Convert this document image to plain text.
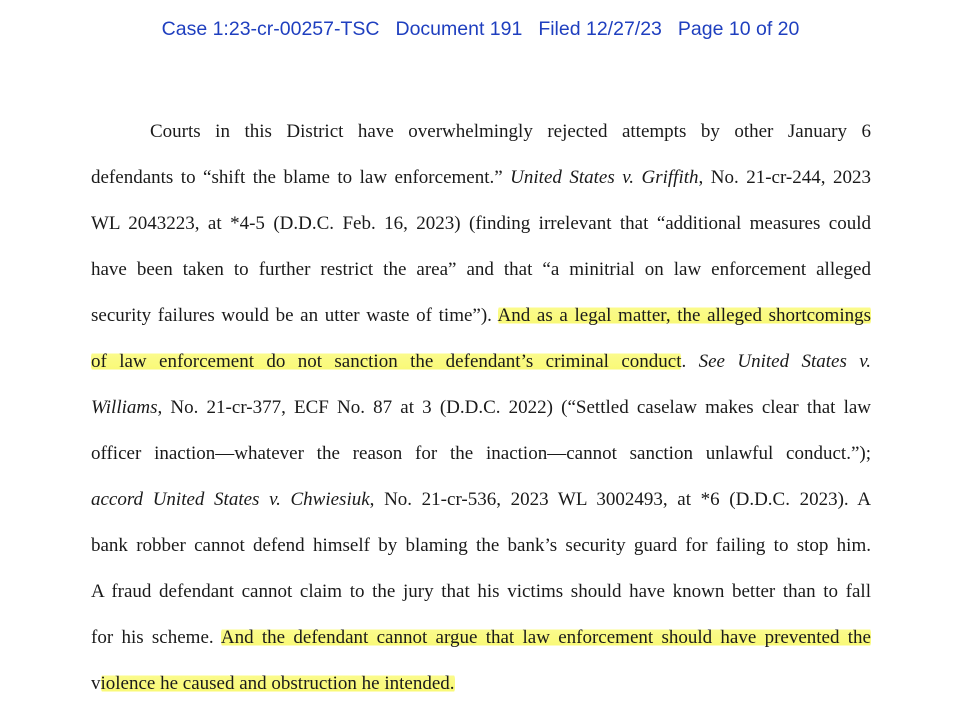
Case 1:23-cr-00257-TSC Document 191 Filed 12/27/23 Page 10 of 20
Courts in this District have overwhelmingly rejected attempts by other January 6
defendants to “shift the blame to law enforcement.” United States v. Griffith, No. 21-cr-244, 2023
WL 2043223, at *4-5 (D.D.C. Feb. 16, 2023) (finding irrelevant that “additional measures could
have been taken to further restrict the area” and that “a minitrial on law enforcement alleged
security failures would be an utter waste of time”). And as a legal matter, the alleged shortcomings
of law enforcement do not sanction the defendant’s criminal conduct. See United States v.
Williams, No. 21-cr-377, ECF No. 87 at 3 (D.D.C. 2022) (“Settled caselaw makes clear that law
officer inaction—whatever the reason for the inaction—cannot sanction unlawful conduct.”);
accord United States v. Chwiesiuk, No. 21-cr-536, 2023 WL 3002493, at *6 (D.D.C. 2023). A
bank robber cannot defend himself by blaming the bank’s security guard for failing to stop him.
A fraud defendant cannot claim to the jury that his victims should have known better than to fall
for his scheme. And the defendant cannot argue that law enforcement should have prevented the
violence he caused and obstruction he intended.
